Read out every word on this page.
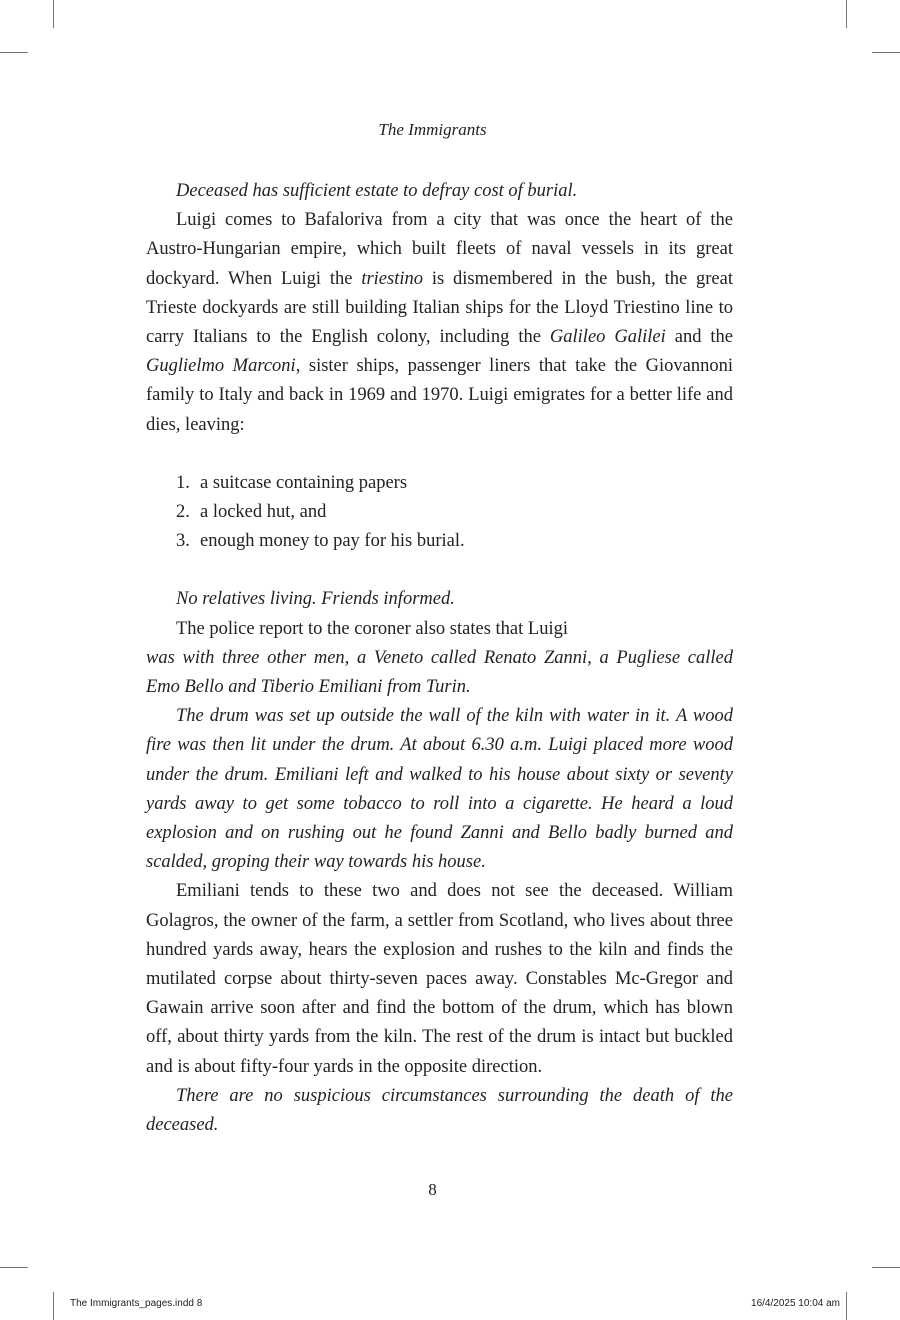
The Immigrants

Deceased has sufficient estate to defray cost of burial.

Luigi comes to Bafaloriva from a city that was once the heart of the Austro-Hungarian empire, which built fleets of naval vessels in its great dockyard. When Luigi the triestino is dismembered in the bush, the great Trieste dockyards are still building Italian ships for the Lloyd Triestino line to carry Italians to the English colony, including the Galileo Galilei and the Guglielmo Marconi, sister ships, passenger liners that take the Giovannoni family to Italy and back in 1969 and 1970. Luigi emigrates for a better life and dies, leaving:

1. a suitcase containing papers
2. a locked hut, and
3. enough money to pay for his burial.

No relatives living. Friends informed.

The police report to the coroner also states that Luigi

was with three other men, a Veneto called Renato Zanni, a Pugliese called Emo Bello and Tiberio Emiliani from Turin.

The drum was set up outside the wall of the kiln with water in it. A wood fire was then lit under the drum. At about 6.30 a.m. Luigi placed more wood under the drum. Emiliani left and walked to his house about sixty or seventy yards away to get some tobacco to roll into a cigarette. He heard a loud explosion and on rushing out he found Zanni and Bello badly burned and scalded, groping their way towards his house.

Emiliani tends to these two and does not see the deceased. William Golagros, the owner of the farm, a settler from Scotland, who lives about three hundred yards away, hears the explosion and rushes to the kiln and finds the mutilated corpse about thirty-seven paces away. Constables Mc-Gregor and Gawain arrive soon after and find the bottom of the drum, which has blown off, about thirty yards from the kiln. The rest of the drum is intact but buckled and is about fifty-four yards in the opposite direction.

There are no suspicious circumstances surrounding the death of the deceased.

8
The Immigrants_pages.indd 8	16/4/2025 10:04 am
